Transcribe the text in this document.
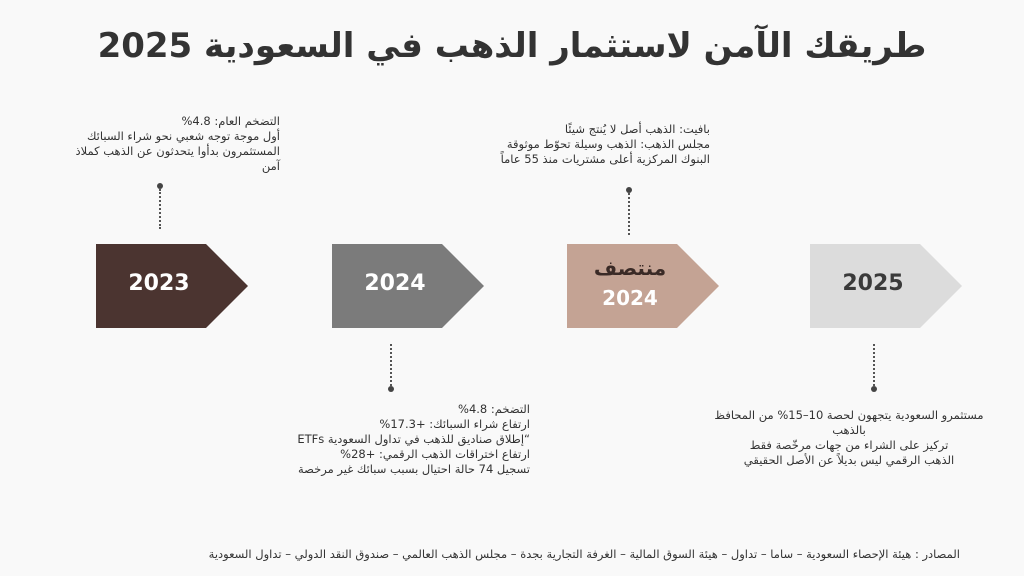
طريقك الآمن لاستثمار الذهب في السعودية 2025
2023	2024
منتصف
2024
2025
التضخم العام: 4.8%
أول موجة توجه شعبي نحو شراء السبائك
المستثمرون بدأوا يتحدثون عن الذهب كملاذ
آمن
التضخم: 4.8%
ارتفاع شراء السبائك: +17.3%
“إطلاق صناديق للذهب في تداول السعودية ETFs
ارتفاع اختراقات الذهب الرقمي: +28%
تسجيل 74 حالة احتيال بسبب سبائك غير مرخصة
بافيت: الذهب أصل لا يُنتج شيئًا
مجلس الذهب: الذهب وسيلة تحوّط موثوقة
البنوك المركزية أعلى مشتريات منذ 55 عاماً
مستثمرو السعودية يتجهون لحصة 10–15% من المحافظ
بالذهب
تركيز على الشراء من جهات مرخّصة فقط
الذهب الرقمي ليس بديلاً عن الأصل الحقيقي
المصادر : هيئة الإحصاء السعودية – ساما – تداول – هيئة السوق المالية – الغرفة التجارية بجدة – مجلس الذهب العالمي – صندوق النقد الدولي – تداول السعودية
